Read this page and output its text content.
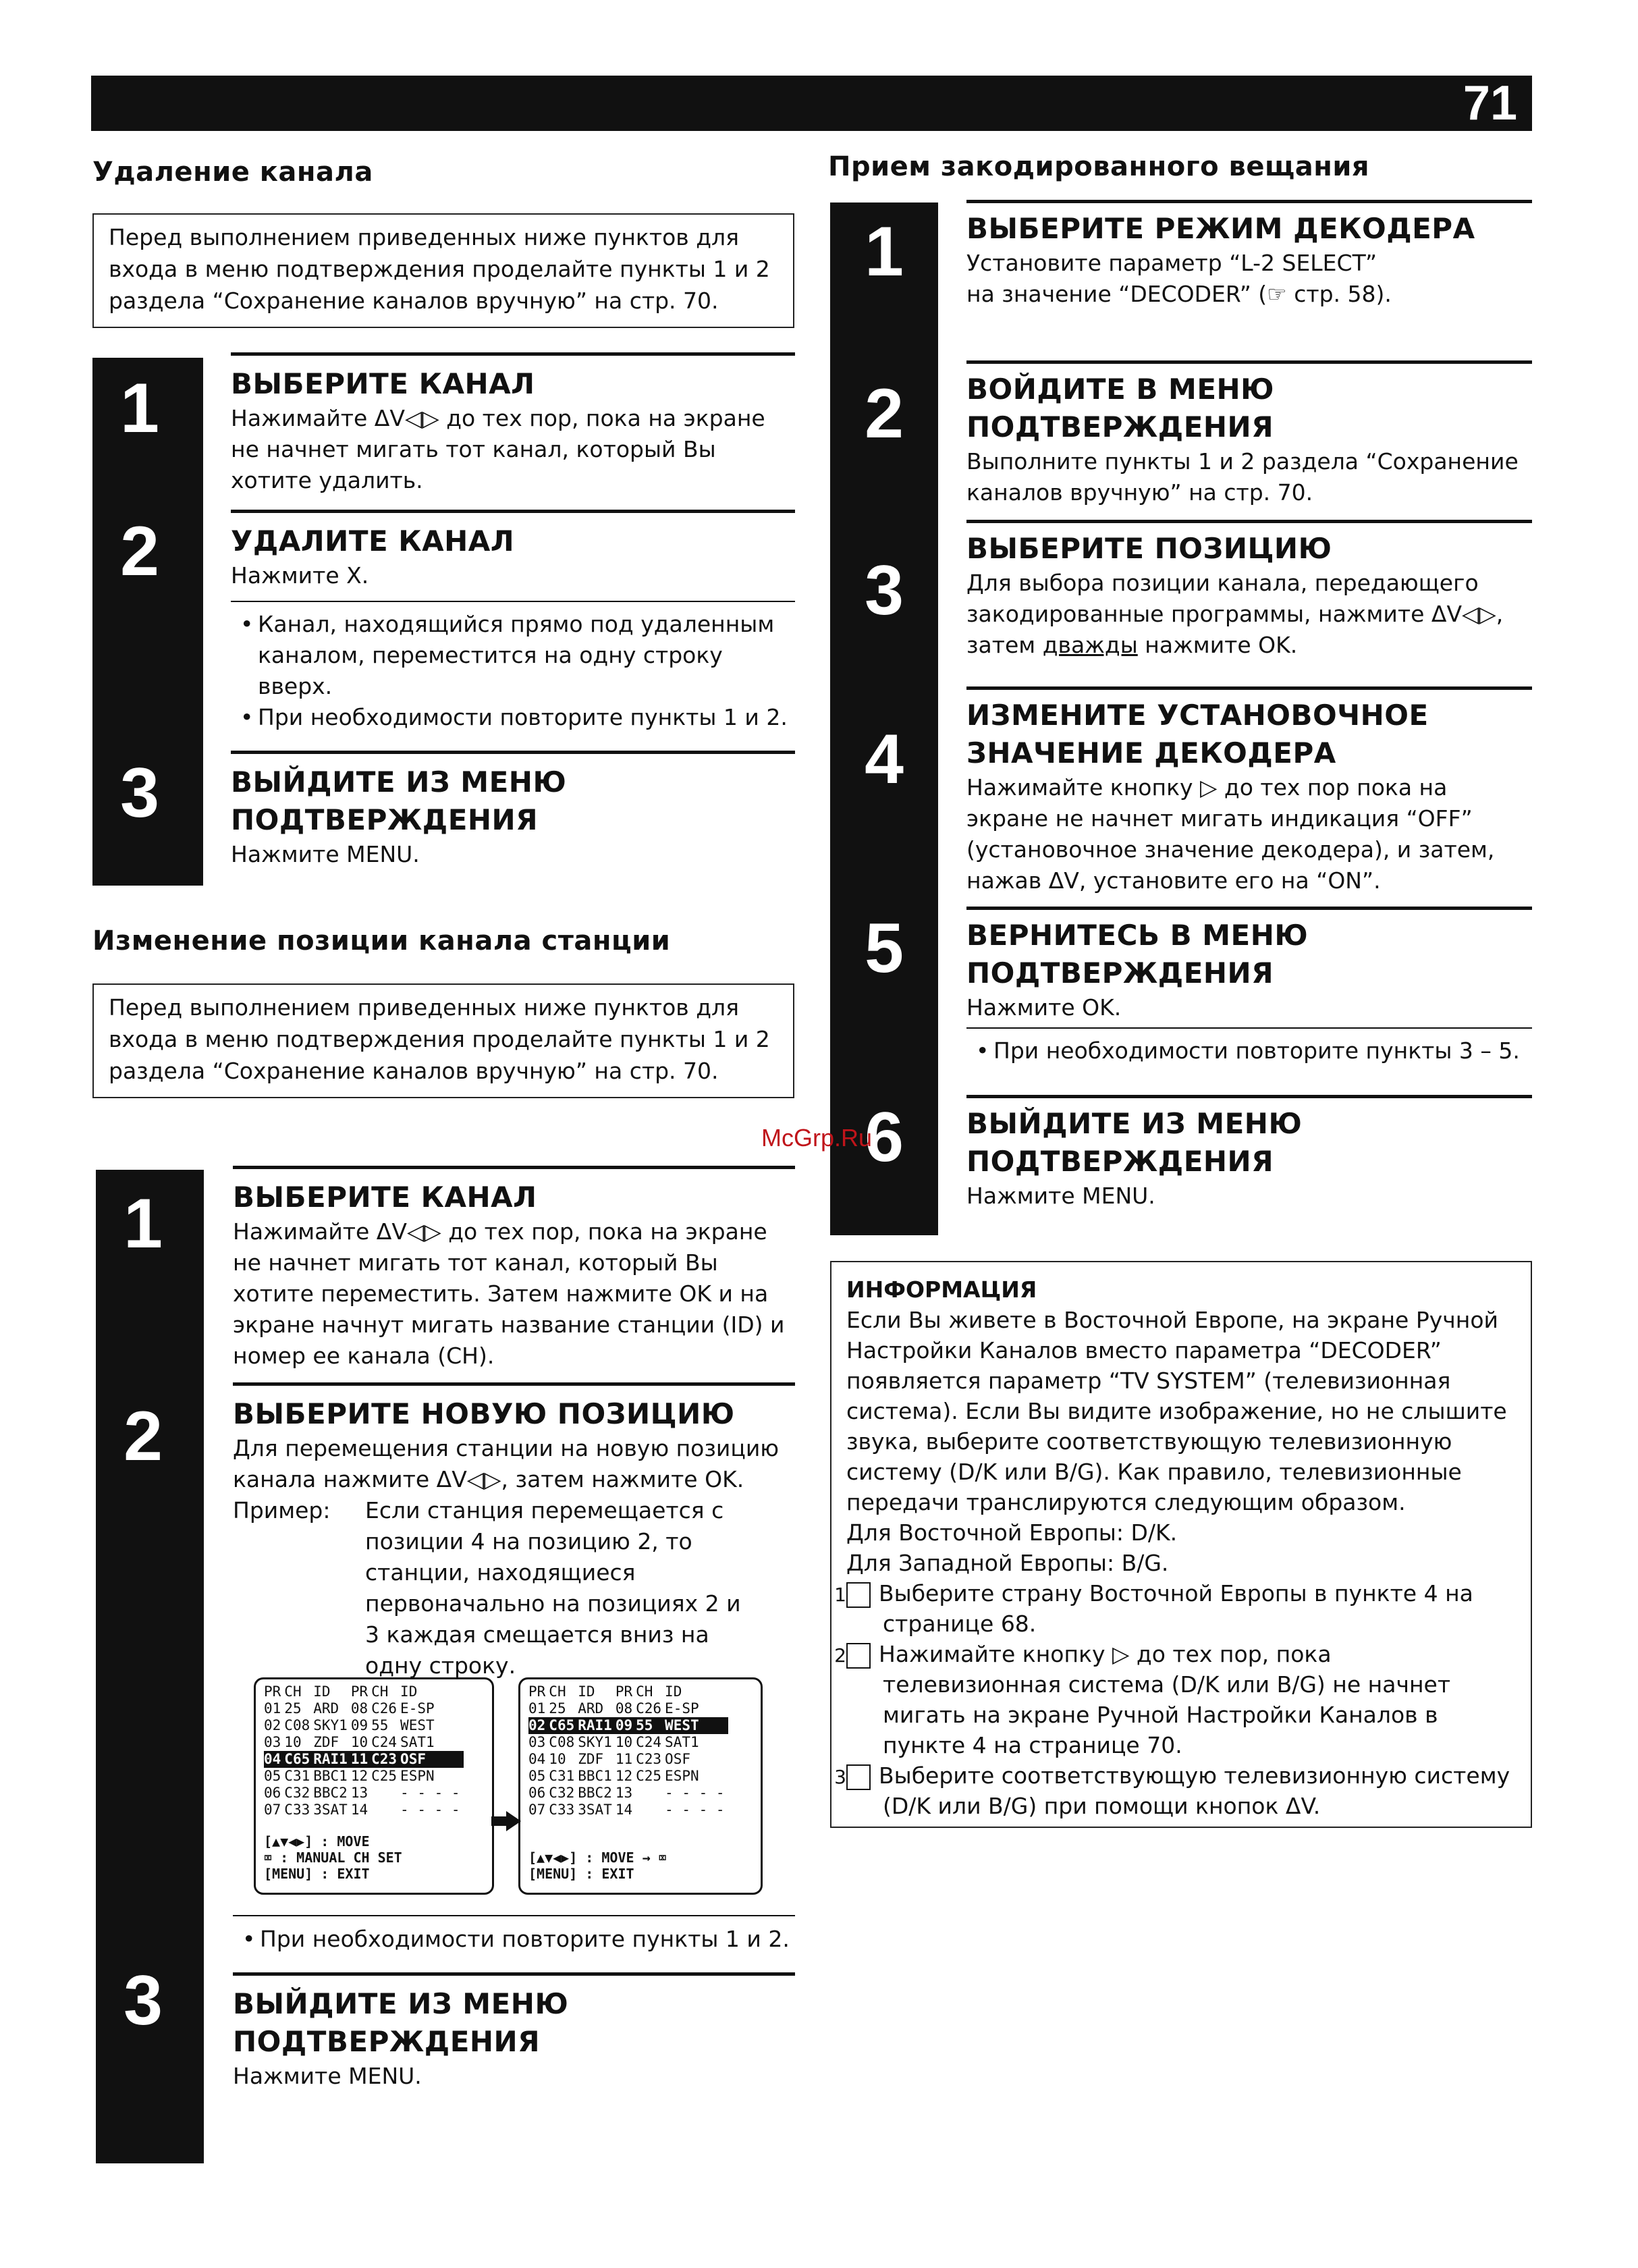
71
Удаление канала
Перед выполнением приведенных ниже пунктов для входа в меню подтверждения проделайте пункты 1 и 2 раздела “Сохранение каналов вручную” на стр. 70.
1
2
3
ВЫБЕРИТЕ КАНАЛ
Нажимайте ΔV◁▷ до тех пор, пока на экране не начнет мигать тот канал, который Вы хотите удалить.
УДАЛИТЕ КАНАЛ
Нажмите X.
• Канал, находящийся прямо под удаленным каналом, переместится на одну строку вверх.
• При необходимости повторите пункты 1 и 2.
ВЫЙДИТЕ ИЗ МЕНЮ ПОДТВЕРЖДЕНИЯ
Нажмите MENU.
Изменение позиции канала станции
Перед выполнением приведенных ниже пунктов для входа в меню подтверждения проделайте пункты 1 и 2 раздела “Сохранение каналов вручную” на стр. 70.
1
2
3
ВЫБЕРИТЕ КАНАЛ
Нажимайте ΔV◁▷ до тех пор, пока на экране не начнет мигать тот канал, который Вы хотите переместить. Затем нажмите OK и на экране начнут мигать название станции (ID) и номер ее канала (CH).
ВЫБЕРИТЕ НОВУЮ ПОЗИЦИЮ
Для перемещения станции на новую позицию канала нажмите ΔV◁▷, затем нажмите OK.
Пример:	Если станция перемещается с позиции 4 на позицию 2, то станции, находящиеся первоначально на позициях 2 и 3 каждая смещается вниз на одну строку.
PR	CH	ID	PR	CH	ID
01	25	ARD	08	C26	E-SP
02	C08	SKY1	09	55	WEST
03	10	ZDF	10	C24	SAT1
04	C65	RAI1	11	C23	OSF
05	C31	BBC1	12	C25	ESPN
06	C32	BBC2	13		- - - -
07	C33	3SAT	14		- - - -
[▲▼◀▶] : MOVE
⌧ : MANUAL CH SET
[MENU] : EXIT
PR	CH	ID	PR	CH	ID
01	25	ARD	08	C26	E-SP
02	C65	RAI1	09	55	WEST
03	C08	SKY1	10	C24	SAT1
04	10	ZDF	11	C23	OSF
05	C31	BBC1	12	C25	ESPN
06	C32	BBC2	13		- - - -
07	C33	3SAT	14		- - - -
[▲▼◀▶] : MOVE → ⌧
[MENU] : EXIT
• При необходимости повторите пункты 1 и 2.
ВЫЙДИТЕ ИЗ МЕНЮ ПОДТВЕРЖДЕНИЯ
Нажмите MENU.
Прием закодированного вещания
1
2
3
4
5
6
ВЫБЕРИТЕ РЕЖИМ ДЕКОДЕРА
Установите параметр “L-2 SELECT” на значение “DECODER” (☞ стр. 58).
ВОЙДИТЕ В МЕНЮ ПОДТВЕРЖДЕНИЯ
Выполните пункты 1 и 2 раздела “Сохранение каналов вручную” на стр. 70.
ВЫБЕРИТЕ ПОЗИЦИЮ
Для выбора позиции канала, передающего закодированные программы, нажмите ΔV◁▷, затем дважды нажмите OK.
ИЗМЕНИТЕ УСТАНОВОЧНОЕ ЗНАЧЕНИЕ ДЕКОДЕРА
Нажимайте кнопку ▷ до тех пор пока на экране не начнет мигать индикация “OFF” (установочное значение декодера), и затем, нажав ΔV, установите его на “ON”.
ВЕРНИТЕСЬ В МЕНЮ ПОДТВЕРЖДЕНИЯ
Нажмите OK.
• При необходимости повторите пункты 3 – 5.
ВЫЙДИТЕ ИЗ МЕНЮ ПОДТВЕРЖДЕНИЯ
Нажмите MENU.
ИНФОРМАЦИЯ
Если Вы живете в Восточной Европе, на экране Ручной Настройки Каналов вместо параметра “DECODER” появляется параметр “TV SYSTEM” (телевизионная система). Если Вы видите изображение, но не слышите звука, выберите соответствующую телевизионную систему (D/K или B/G). Как правило, телевизионные передачи транслируются следующим образом.
Для Восточной Европы: D/K.
Для Западной Европы: B/G.
1 Выберите страну Восточной Европы в пункте 4 на странице 68.
2 Нажимайте кнопку ▷ до тех пор, пока телевизионная система (D/K или B/G) не начнет мигать на экране Ручной Настройки Каналов в пункте 4 на странице 70.
3 Выберите соответствующую телевизионную систему (D/K или B/G) при помощи кнопок ΔV.
McGrp.Ru
